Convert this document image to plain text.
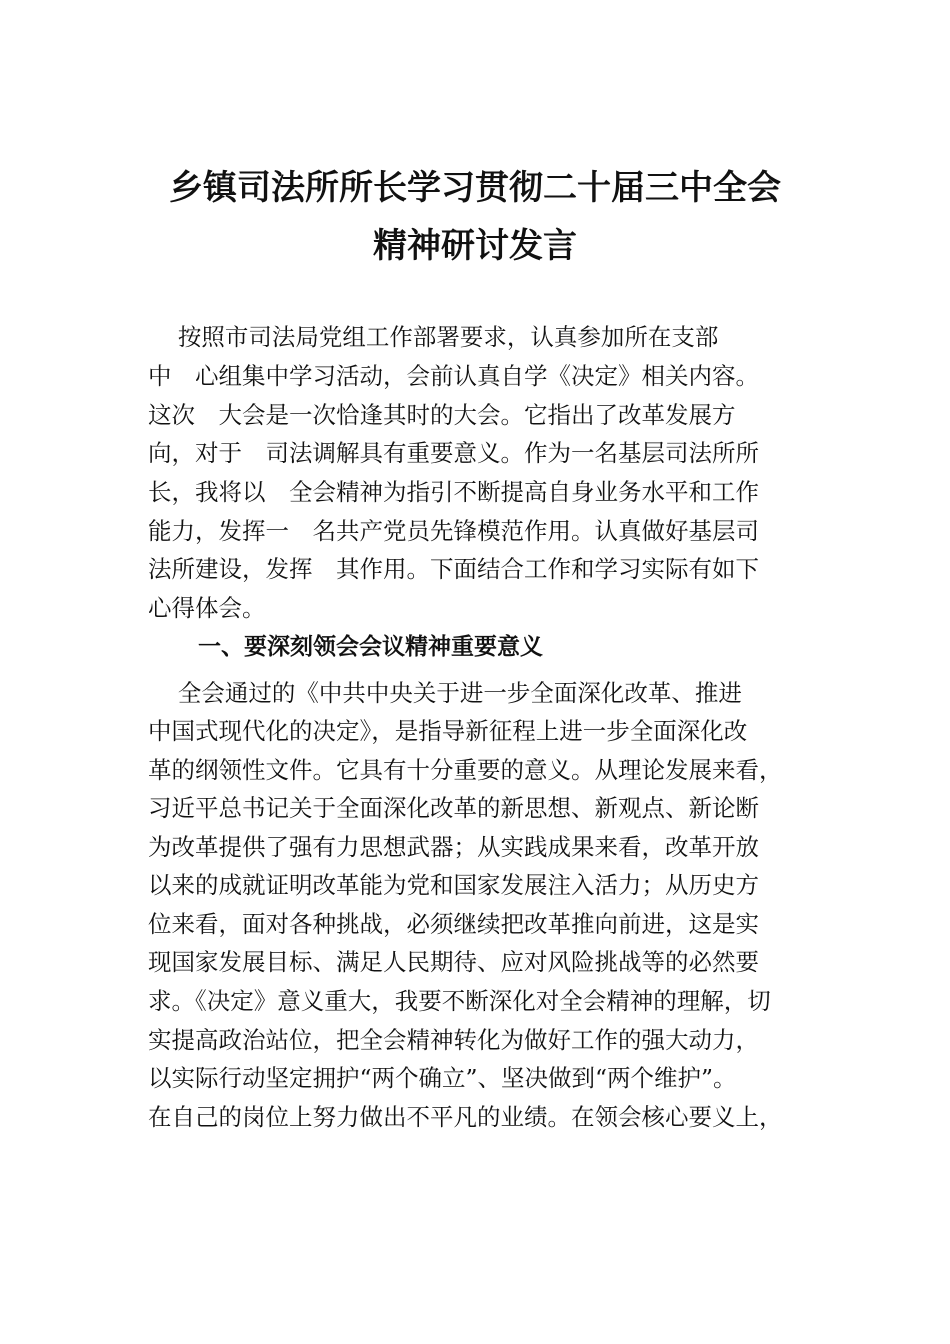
乡镇司法所所长学习贯彻二十届三中全会
精神研讨发言
按照市司法局党组工作部署要求，认真参加所在支部
中　心组集中学习活动，会前认真自学《决定》相关内容。
这次　大会是一次恰逢其时的大会。它指出了改革发展方
向，对于　司法调解具有重要意义。作为一名基层司法所所
长，我将以　全会精神为指引不断提高自身业务水平和工作
能力，发挥一　名共产党员先锋模范作用。认真做好基层司
法所建设，发挥　其作用。下面结合工作和学习实际有如下
心得体会。
一、要深刻领会会议精神重要意义
全会通过的《中共中央关于进一步全面深化改革、推进
中国式现代化的决定》，是指导新征程上进一步全面深化改
革的纲领性文件。它具有十分重要的意义。从理论发展来看，
习近平总书记关于全面深化改革的新思想、新观点、新论断
为改革提供了强有力思想武器；从实践成果来看，改革开放
以来的成就证明改革能为党和国家发展注入活力；从历史方
位来看，面对各种挑战，必须继续把改革推向前进，这是实
现国家发展目标、满足人民期待、应对风险挑战等的必然要
求。《决定》意义重大，我要不断深化对全会精神的理解，切
实提高政治站位，把全会精神转化为做好工作的强大动力，
以实际行动坚定拥护“两个确立”、坚决做到“两个维护”。
在自己的岗位上努力做出不平凡的业绩。在领会核心要义上，
